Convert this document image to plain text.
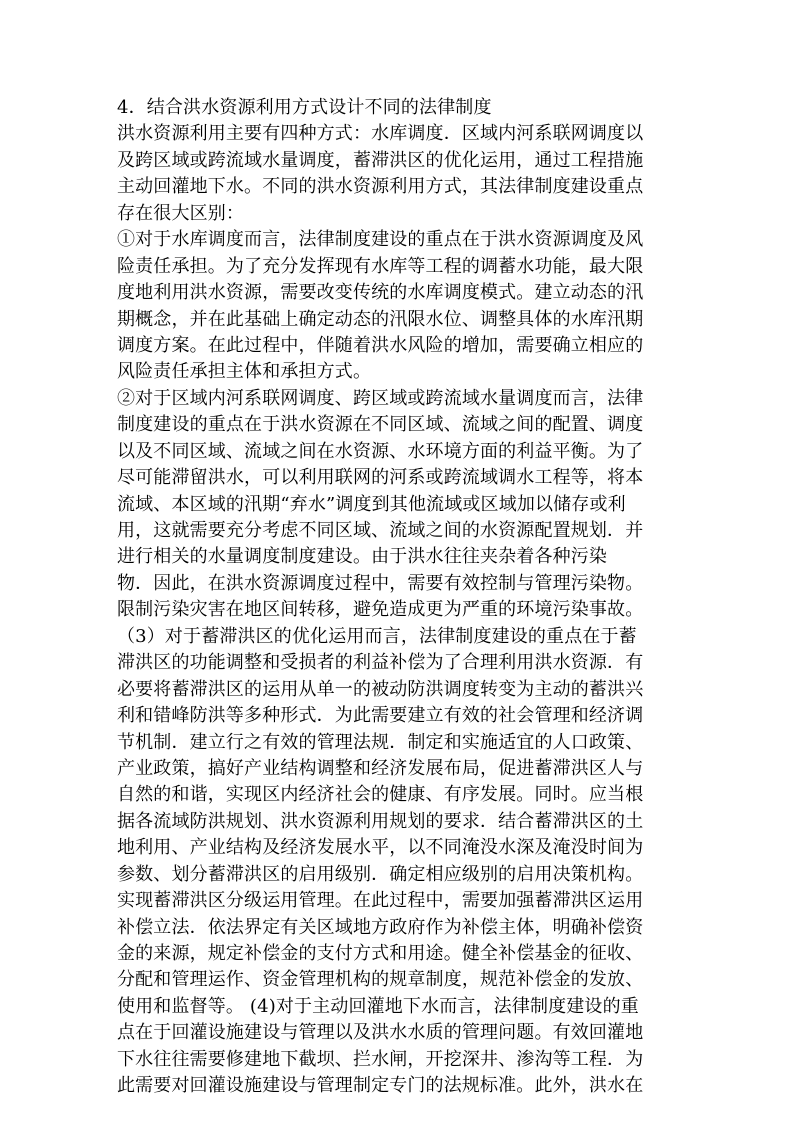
4．结合洪水资源利用方式设计不同的法律制度
洪水资源利用主要有四种方式：水库调度．区域内河系联网调度以
及跨区域或跨流域水量调度，蓄滞洪区的优化运用，通过工程措施
主动回灌地下水。不同的洪水资源利用方式，其法律制度建设重点
存在很大区别：
①对于水库调度而言，法律制度建设的重点在于洪水资源调度及风
险责任承担。为了充分发挥现有水库等工程的调蓄水功能，最大限
度地利用洪水资源，需要改变传统的水库调度模式。建立动态的汛
期概念，并在此基础上确定动态的汛限水位、调整具体的水库汛期
调度方案。在此过程中，伴随着洪水风险的增加，需要确立相应的
风险责任承担主体和承担方式。
②对于区域内河系联网调度、跨区域或跨流域水量调度而言，法律
制度建设的重点在于洪水资源在不同区域、流域之间的配置、调度
以及不同区域、流域之间在水资源、水环境方面的利益平衡。为了
尽可能滞留洪水，可以利用联网的河系或跨流域调水工程等，将本
流域、本区域的汛期“弃水”调度到其他流域或区域加以储存或利
用，这就需要充分考虑不同区域、流域之间的水资源配置规划．并
进行相关的水量调度制度建设。由于洪水往往夹杂着各种污染
物．因此，在洪水资源调度过程中，需要有效控制与管理污染物。
限制污染灾害在地区间转移，避免造成更为严重的环境污染事故。
（3）对于蓄滞洪区的优化运用而言，法律制度建设的重点在于蓄
滞洪区的功能调整和受损者的利益补偿为了合理利用洪水资源．有
必要将蓄滞洪区的运用从单一的被动防洪调度转变为主动的蓄洪兴
利和错峰防洪等多种形式．为此需要建立有效的社会管理和经济调
节机制．建立行之有效的管理法规．制定和实施适宜的人口政策、
产业政策，搞好产业结构调整和经济发展布局，促进蓄滞洪区人与
自然的和谐，实现区内经济社会的健康、有序发展。同时。应当根
据各流域防洪规划、洪水资源利用规划的要求．结合蓄滞洪区的土
地利用、产业结构及经济发展水平，以不同淹没水深及淹没时间为
参数、划分蓄滞洪区的启用级别．确定相应级别的启用决策机构。
实现蓄滞洪区分级运用管理。在此过程中，需要加强蓄滞洪区运用
补偿立法．依法界定有关区域地方政府作为补偿主体，明确补偿资
金的来源，规定补偿金的支付方式和用途。健全补偿基金的征收、
分配和管理运作、资金管理机构的规章制度，规范补偿金的发放、
使用和监督等。 (4)对于主动回灌地下水而言，法律制度建设的重
点在于回灌设施建设与管理以及洪水水质的管理问题。有效回灌地
下水往往需要修建地下截坝、拦水闸，开挖深井、渗沟等工程．为
此需要对回灌设施建设与管理制定专门的法规标准。此外，洪水在
